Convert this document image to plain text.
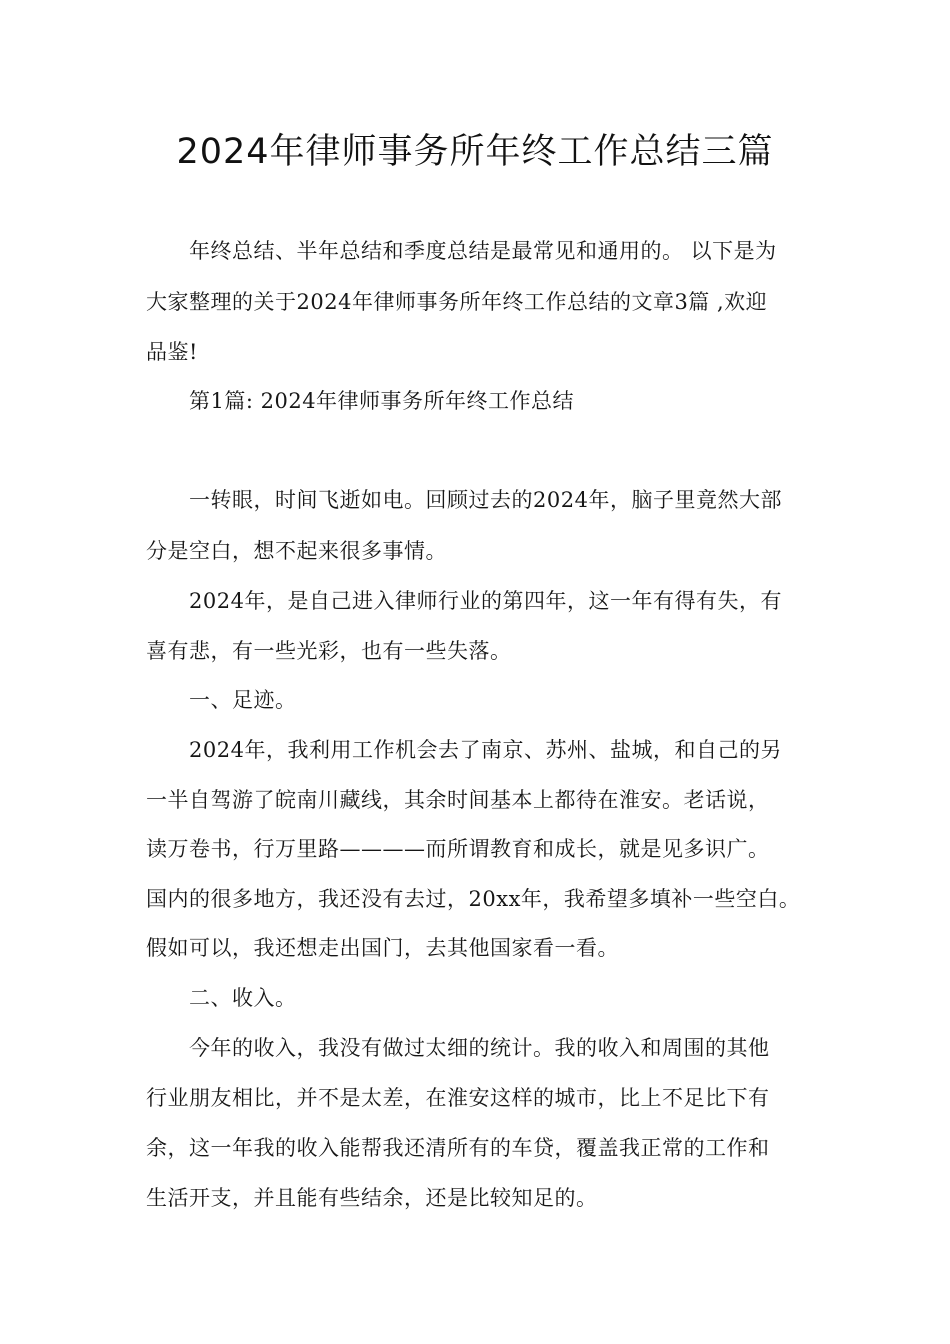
2024年律师事务所年终工作总结三篇

年终总结、半年总结和季度总结是最常见和通用的。 以下是为

大家整理的关于2024年律师事务所年终工作总结的文章3篇 ,欢迎

品鉴!

第1篇: 2024年律师事务所年终工作总结

一转眼，时间飞逝如电。回顾过去的2024年，脑子里竟然大部

分是空白，想不起来很多事情。

2024年，是自己进入律师行业的第四年，这一年有得有失，有

喜有悲，有一些光彩，也有一些失落。

一、足迹。

2024年，我利用工作机会去了南京、苏州、盐城，和自己的另

一半自驾游了皖南川藏线，其余时间基本上都待在淮安。老话说，

读万卷书，行万里路————而所谓教育和成长，就是见多识广。

国内的很多地方，我还没有去过，20xx年，我希望多填补一些空白。

假如可以，我还想走出国门，去其他国家看一看。

二、收入。

今年的收入，我没有做过太细的统计。我的收入和周围的其他

行业朋友相比，并不是太差，在淮安这样的城市，比上不足比下有

余，这一年我的收入能帮我还清所有的车贷，覆盖我正常的工作和

生活开支，并且能有些结余，还是比较知足的。
